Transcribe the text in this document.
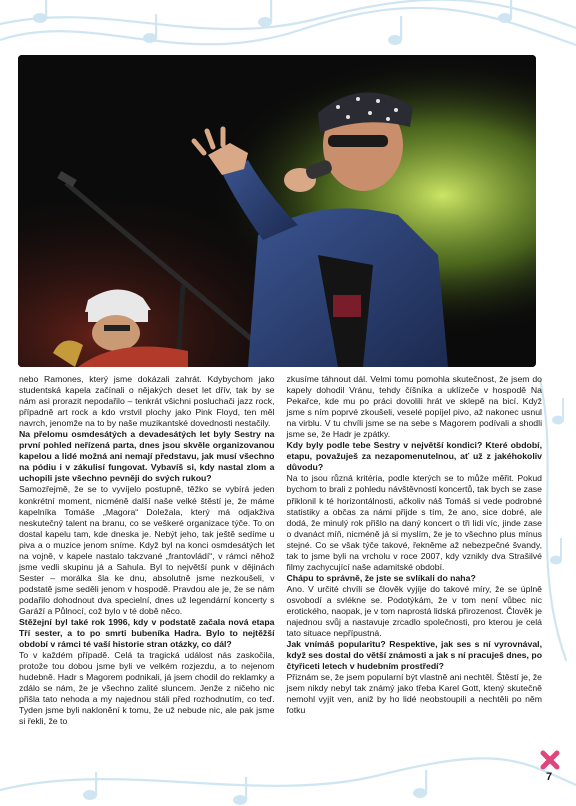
nebo Ramones, který jsme dokázali zahrát. Kdybychom jako studentská kapela začínali o nějakých deset let dřív, tak by se nám asi prorazit nepodařilo – tenkrát všichni posluchači jazz rock, případně art rock a kdo vrstvil plochy jako Pink Floyd, ten měl navrch, jenomže na to by naše muzikantské dovednosti nestačily.

Na přelomu osmdesátých a devadesátých let byly Sestry na první pohled neřízená parta, dnes jsou skvěle organizovanou kapelou a lidé možná ani nemají představu, jak musí všechno na pódiu i v zákulisí fungovat. Vybavíš si, kdy nastal zlom a uchopili jste všechno pevněji do svých rukou?

Samozřejmě, že se to vyvíjelo postupně, těžko se vybírá jeden konkrétní moment, nicméně další naše velké štěstí je, že máme kapelníka Tomáše „Magora“ Doležala, který má odjakživa neskutečný talent na branu, co se veškeré organizace týče. To on dostal kapelu tam, kde dneska je. Nebýt jeho, tak ještě sedíme u piva a o muzice jenom sníme. Když byl na konci osmdesátých let na vojně, v kapele nastalo takzvané „frantovládí“, v rámci něhož jsme vedli skupinu já a Sahula. Byl to největší punk v dějinách Sester – morálka šla ke dnu, absolutně jsme nezkoušeli, v podstatě jsme seděli jenom v hospodě. Pravdou ale je, že se nám podařilo dohodnout dva specielní, dnes už legendární koncerty s Garáží a Půlnocí, což bylo v té době něco.

Stěžejní byl také rok 1996, kdy v podstatě začala nová etapa Tří sester, a to po smrti bubeníka Hadra. Bylo to nejtěžší období v rámci té vaší historie stran otázky, co dál?

To v každém případě. Celá ta tragická událost nás zaskočila, protože tou dobou jsme byli ve velkém rozjezdu, a to nejenom hudebně. Hadr s Magorem podnikali, já jsem chodil do reklamky a zdálo se nám, že je všechno zalité sluncem. Jenže z ničeho nic přišla tato nehoda a my najednou stáli před rozhodnutím, co teď. Tyden jsme byli naklonění k tomu, že už nebude nic, ale pak jsme si řekli, že to

zkusíme táhnout dál. Velmi tomu pomohla skutečnost, že jsem do kapely dohodil Vránu, tehdy číšníka a uklízeče v hospodě Na Pekařce, kde mu po práci dovolili hrát ve sklepě na bicí. Když jsme s ním poprvé zkoušeli, veselé popíjel pivo, až nakonec usnul na virblu. V tu chvíli jsme se na sebe s Magorem podívali a shodli jsme se, že Hadr je zpátky.

Kdy byly podle tebe Sestry v největší kondici? Které období, etapu, považuješ za nezapomenutelnou, ať už z jakéhokoliv důvodu?

Na to jsou různá kritéria, podle kterých se to může měřit. Pokud bychom to brali z pohledu návštěvnosti koncertů, tak bych se zase přiklonil k té horizontálnosti, ačkoliv náš Tomáš si vede podrobné statistiky a občas za námi přijde s tím, že ano, sice dobré, ale dodá, že minulý rok přišlo na daný koncert o tři lidi víc, jinde zase o dvanáct míň, nicméně já si myslím, že je to všechno plus mínus stejné. Co se však týče takové, řekněme až nebezpečné švandy, tak to jsme byli na vrcholu v roce 2007, kdy vznikly dva Strašilvé filmy zachycující naše adamitské období.

Chápu to správně, že jste se svlíkali do naha?

Ano. V určité chvíli se člověk vyjíje do takové míry, že se úplně osvobodí a svlékne se. Podotýkám, že v tom není vůbec nic erotického, naopak, je v tom naprostá lidská přirozenost. Člověk je najednou svůj a nastavuje zrcadlo společnosti, pro kterou je celá tato situace nepřípustná.

Jak vnímáš popularitu? Respektive, jak ses s ní vyrovnával, když ses dostal do větší známosti a jak s ní pracuješ dnes, po čtyřiceti letech v hudebním prostředí?

Přiznám se, že jsem popularní být vlastně ani nechtěl. Štěstí je, že jsem nikdy nebyl tak známý jako třeba Karel Gott, ktený skutečně nemohl vyjít ven, aniž by ho lidé neobstoupili a nechtěli po něm fotku

7
